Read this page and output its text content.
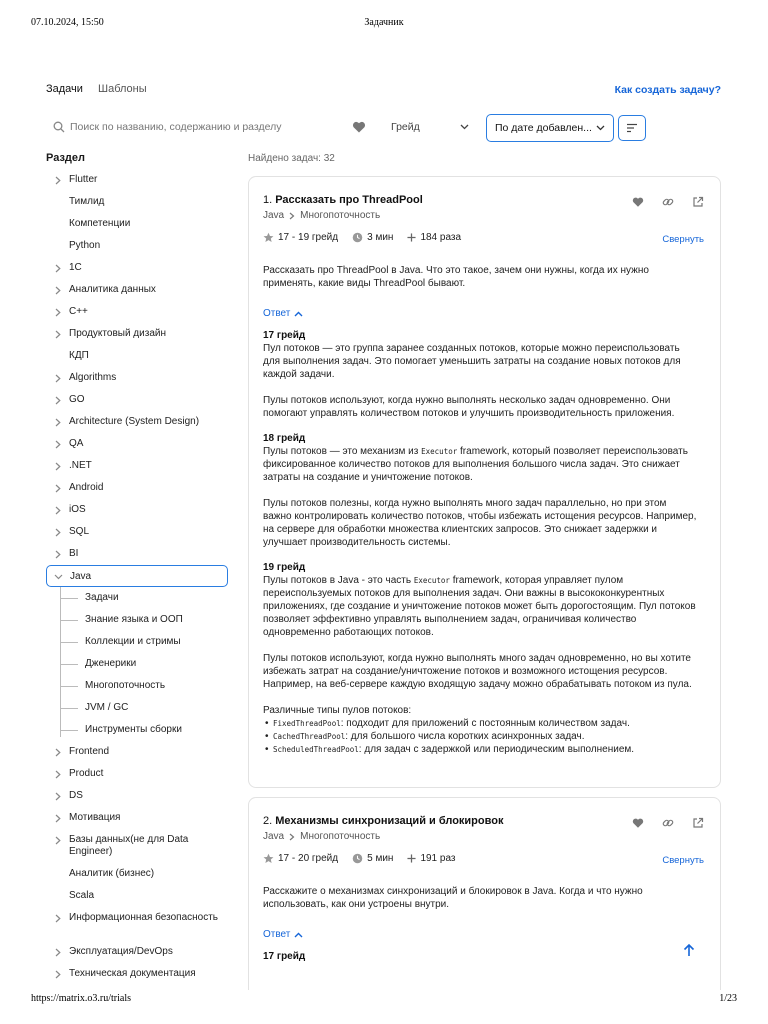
07.10.2024, 15:50	Задачник
https://matrix.o3.ru/trials	1/23
Задачи Шаблоны	Как создать задачу?
Поиск по названию, содержанию и разделу
Грейд	По дате добавлен...
Раздел
Flutter
Тимлид
Компетенции
Python
1С
Аналитика данных
C++
Продуктовый дизайн
КДП
Algorithms
GO
Architecture (System Design)
QA
.NET
Android
iOS
SQL
BI
Java
Задачи
Знание языка и ООП
Коллекции и стримы
Дженерики
Многопоточность
JVM / GC
Инструменты сборки
Frontend
Product
DS
Мотивация
Базы данных(не для Data Engineer)
Аналитик (бизнес)
Scala
Информационная безопасность
Эксплуатация/DevOps
Техническая документация
Найдено задач: 32
1. Рассказать про ThreadPool
Java Многопоточность
17 - 19 грейд	3 мин	184 раза	Свернуть
Рассказать про ThreadPool в Java. Что это такое, зачем они нужны, когда их нужно применять, какие виды ThreadPool бывают.
Ответ
17 грейд

Пул потоков — это группа заранее созданных потоков, которые можно переиспользовать для выполнения задач. Это помогает уменьшить затраты на создание новых потоков для каждой задачи.

Пулы потоков используют, когда нужно выполнять несколько задач одновременно. Они помогают управлять количеством потоков и улучшить производительность приложения.

18 грейд

Пулы потоков — это механизм из Executor framework, который позволяет переиспользовать фиксированное количество потоков для выполнения большого числа задач. Это снижает затраты на создание и уничтожение потоков.

Пулы потоков полезны, когда нужно выполнять много задач параллельно, но при этом важно контролировать количество потоков, чтобы избежать истощения ресурсов. Например, на сервере для обработки множества клиентских запросов. Это снижает задержки и улучшает производительность системы.

19 грейд

Пулы потоков в Java - это часть Executor framework, которая управляет пулом переиспользуемых потоков для выполнения задач. Они важны в высококонкурентных приложениях, где создание и уничтожение потоков может быть дорогостоящим. Пул потоков позволяет эффективно управлять выполнением задач, ограничивая количество одновременно работающих потоков.

Пулы потоков используют, когда нужно выполнять много задач одновременно, но вы хотите избежать затрат на создание/уничтожение потоков и возможного истощения ресурсов. Например, на веб-сервере каждую входящую задачу можно обрабатывать потоком из пула.

Различные типы пулов потоков:

• FixedThreadPool: подходит для приложений с постоянным количеством задач.
• CachedThreadPool: для большого числа коротких асинхронных задач.
• ScheduledThreadPool: для задач с задержкой или периодическим выполнением.
2. Механизмы синхронизаций и блокировок
Java Многопоточность
17 - 20 грейд	5 мин	191 раз	Свернуть
Расскажите о механизмах синхронизаций и блокировок в Java. Когда и что нужно использовать, как они устроены внутри.
Ответ
17 грейд
